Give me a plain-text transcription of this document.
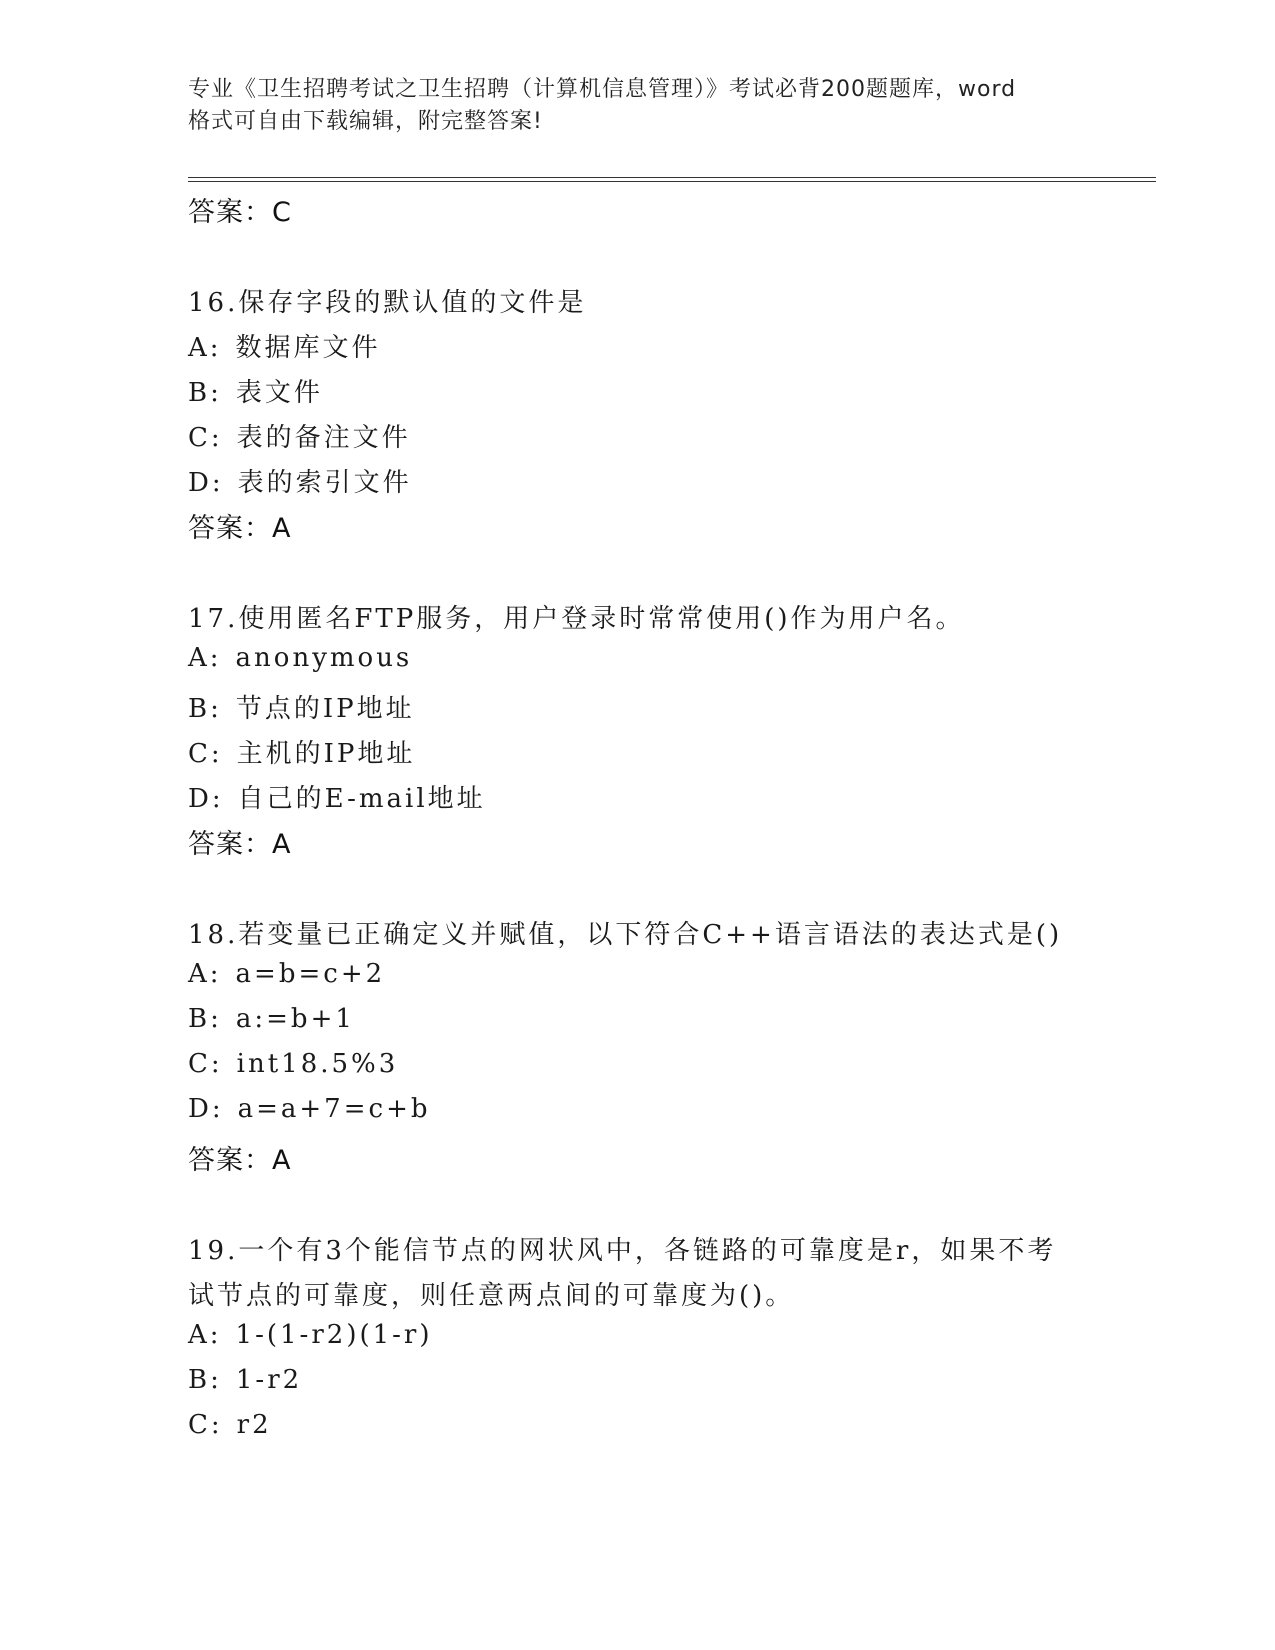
专业《卫生招聘考试之卫生招聘（计算机信息管理）》考试必背200题题库，word
格式可自由下载编辑，附完整答案!
答案：C
16.保存字段的默认值的文件是
A: 数据库文件
B: 表文件
C: 表的备注文件
D: 表的索引文件
答案：A
17.使用匿名FTP服务，用户登录时常常使用()作为用户名。
A: anonymous
B: 节点的IP地址
C: 主机的IP地址
D: 自己的E-mail地址
答案：A
18.若变量已正确定义并赋值，以下符合C++语言语法的表达式是()
A: a=b=c+2
B: a:=b+1
C: int18.5%3
D: a=a+7=c+b
答案：A
19.一个有3个能信节点的网状风中，各链路的可靠度是r，如果不考
试节点的可靠度，则任意两点间的可靠度为()。
A: 1-(1-r2)(1-r)
B: 1-r2
C: r2
